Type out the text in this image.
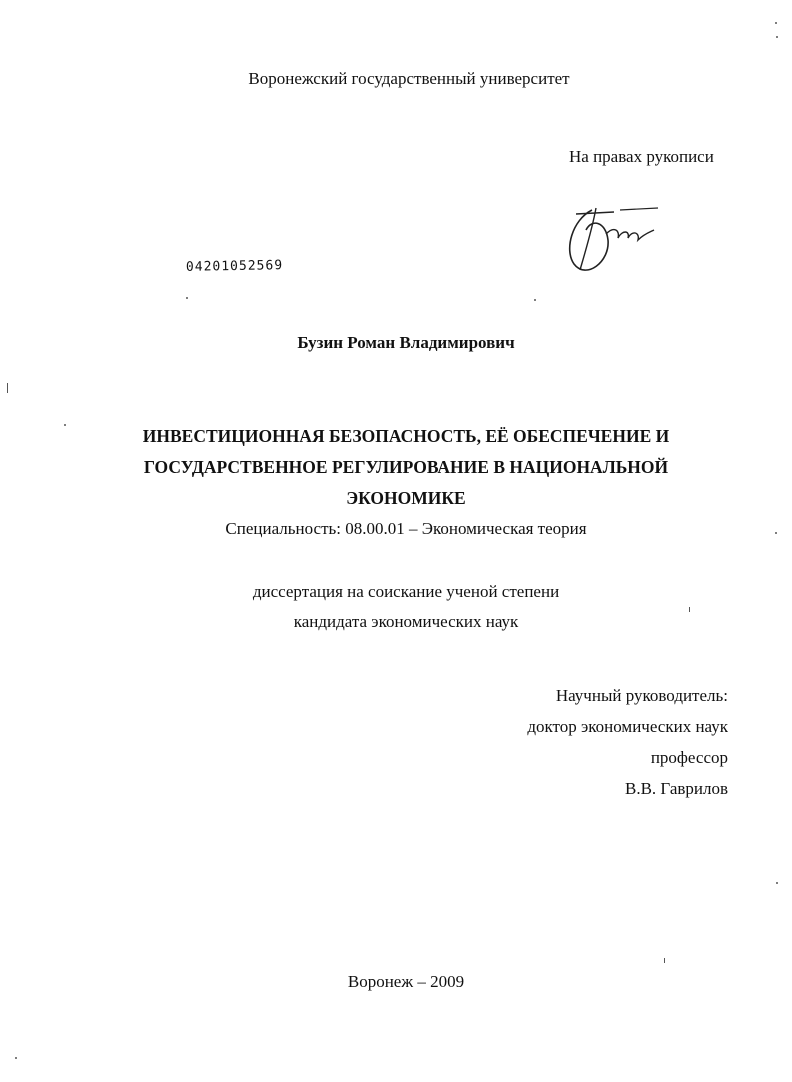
Воронежский государственный университет
На правах рукописи
04201052569
Бузин Роман Владимирович
ИНВЕСТИЦИОННАЯ БЕЗОПАСНОСТЬ, ЕЁ ОБЕСПЕЧЕНИЕ И
ГОСУДАРСТВЕННОЕ РЕГУЛИРОВАНИЕ В НАЦИОНАЛЬНОЙ
ЭКОНОМИКЕ
Специальность: 08.00.01 – Экономическая теория
диссертация на соискание ученой степени
кандидата экономических наук
Научный руководитель:
доктор экономических наук
профессор
В.В. Гаврилов
Воронеж – 2009
